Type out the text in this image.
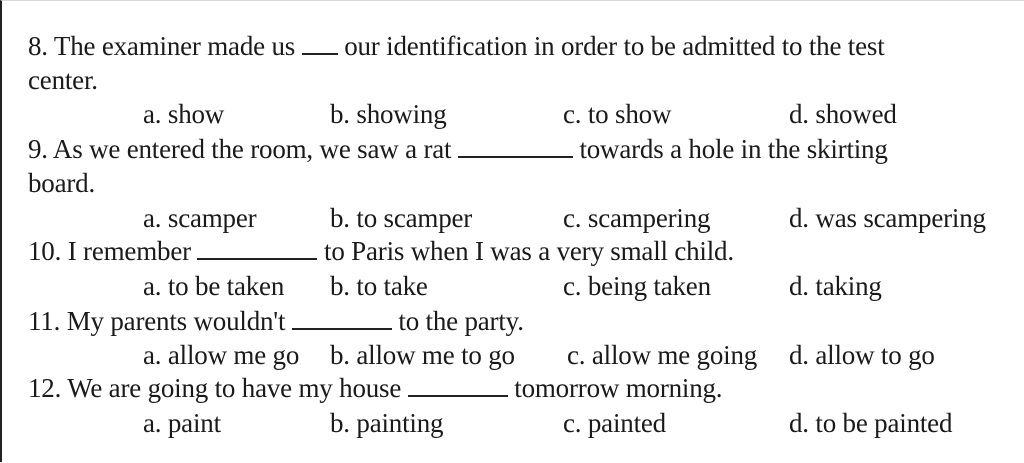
8. The examiner made us our identification in order to be admitted to the test
center.
a. show	b. showing	c. to show	d. showed
9. As we entered the room, we saw a rat	towards a hole in the skirting
board.
a. scamper	b. to scamper	c. scampering	d. was scampering
10. I remember	to Paris when I was a very small child.
a. to be taken b. to take	c. being taken	d. taking
11. My parents wouldn't	to the party.
a. allow me go b. allow me to go c. allow me going d. allow to go
12. We are going to have my house	tomorrow morning.
a. paint	b. painting	c. painted	d. to be painted
